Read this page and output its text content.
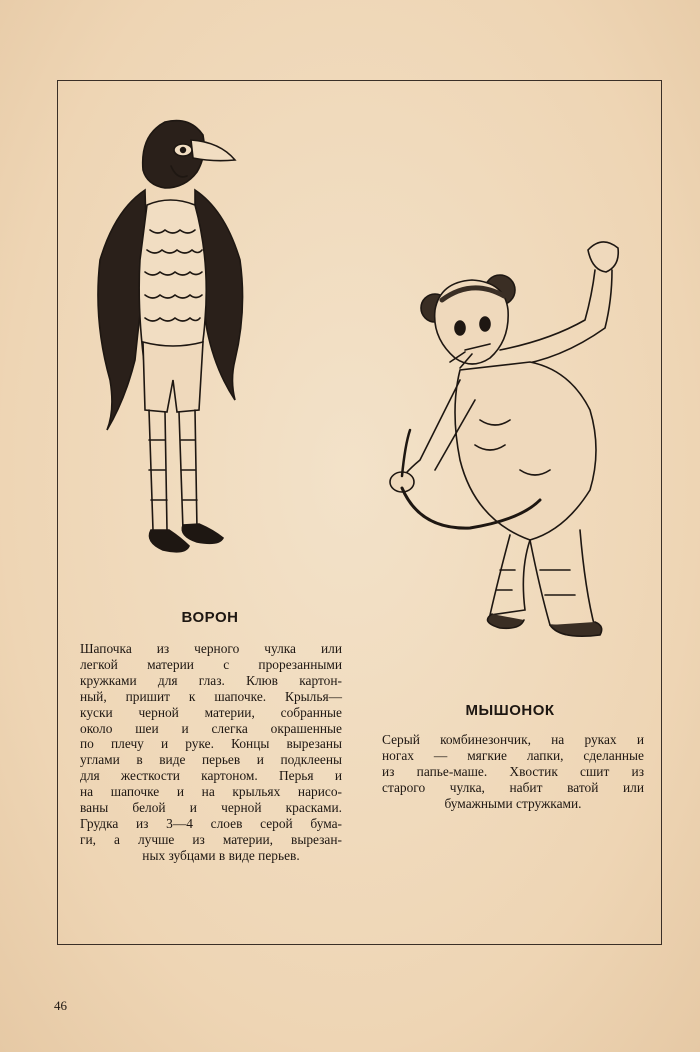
ВОРОН
Шапочка из черного чулка или
легкой материи с прорезанными
кружками для глаз. Клюв картон-
ный, пришит к шапочке. Крылья—
куски черной материи, собранные
около шеи и слегка окрашенные
по плечу и руке. Концы вырезаны
углами в виде перьев и подклеены
для жесткости картоном. Перья и
на шапочке и на крыльях нарисо-
ваны белой и черной красками.
Грудка из 3—4 слоев серой бума-
ги, а лучше из материи, вырезан-
ных зубцами в виде перьев.
МЫШОНОК
Серый комбинезончик, на руках и
ногах — мягкие лапки, сделанные
из папье-маше. Хвостик сшит из
старого чулка, набит ватой или
бумажными стружками.
46
